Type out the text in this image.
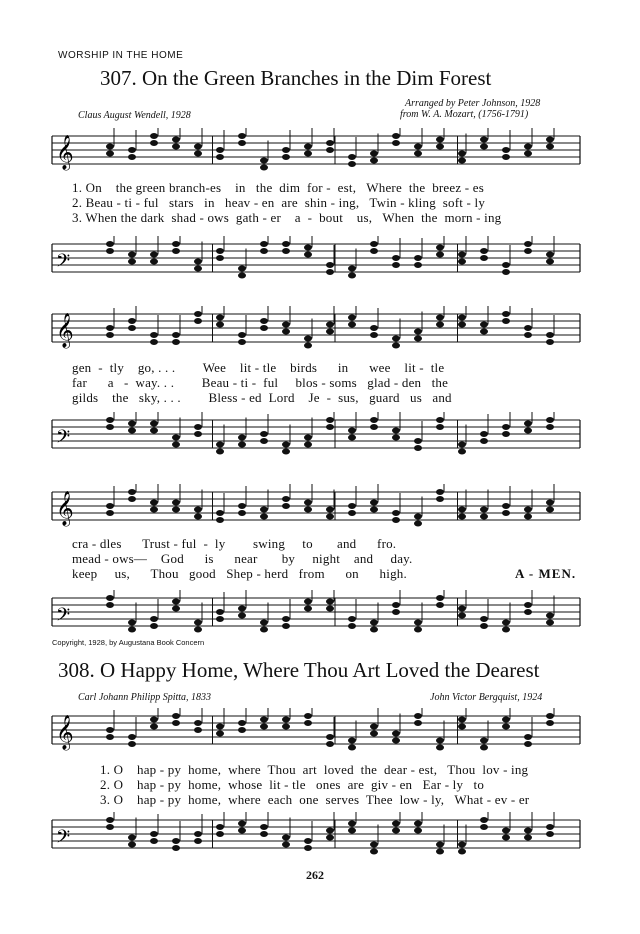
WORSHIP IN THE HOME
307. On the Green Branches in the Dim Forest
Claus August Wendell, 1928
Arranged by Peter Johnson, 1928
from W. A. Mozart, (1756-1791)
𝄞
1. On    the green branch-es    in   the  dim  for -  est,   Where  the  breez - es
2. Beau - ti - ful   stars   in   heav - en  are  shin - ing,   Twin - kling  soft - ly
3. When the dark  shad - ows  gath - er    a  -  bout    us,   When  the  morn - ing
𝄢
𝄞
gen  -  tly    go, . . .        Wee    lit - tle    birds      in      wee    lit -  tle
far      a   -  way. . .        Beau - ti -  ful     blos - soms   glad - den   the
gilds    the   sky, . . .        Bless - ed  Lord    Je  -  sus,   guard   us   and
𝄢
𝄞
cra - dles      Trust - ful  -  ly        swing     to       and      fro.
mead - ows—    God      is      near       by     night    and     day.
keep     us,      Thou   good   Shep - herd   from      on      high.	A - MEN.
𝄢
Copyright, 1928, by Augustana Book Concern
308. O Happy Home, Where Thou Art Loved the Dearest
Carl Johann Philipp Spitta, 1833	John Victor Bergquist, 1924
𝄞
1. O    hap - py  home,  where  Thou  art  loved  the  dear - est,   Thou  lov - ing
2. O    hap - py  home,  whose  lit - tle   ones  are  giv - en   Ear - ly   to
3. O    hap - py  home,  where  each  one  serves  Thee  low - ly,   What - ev - er
𝄢
262
